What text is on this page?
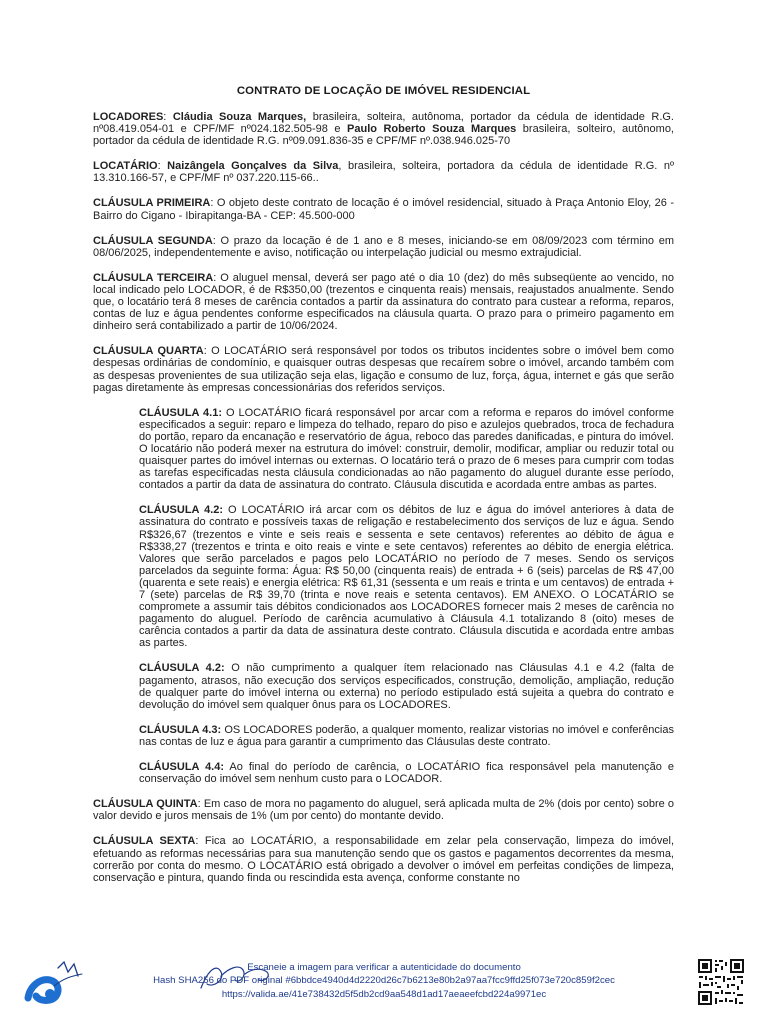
CONTRATO DE LOCAÇÃO DE IMÓVEL RESIDENCIAL

LOCADORES: Cláudia Souza Marques, brasileira, solteira, autônoma, portador da cédula de identidade R.G. nº08.419.054-01 e CPF/MF nº024.182.505-98 e Paulo Roberto Souza Marques brasileira, solteiro, autônomo, portador da cédula de identidade R.G. nº09.091.836-35 e CPF/MF nº.038.946.025-70

LOCATÁRIO: Naizângela Gonçalves da Silva, brasileira, solteira, portadora da cédula de identidade R.G. nº 13.310.166-57, e CPF/MF nº 037.220.115-66..

CLÁUSULA PRIMEIRA: O objeto deste contrato de locação é o imóvel residencial, situado à Praça Antonio Eloy, 26 - Bairro do Cigano - Ibirapitanga-BA - CEP: 45.500-000

CLÁUSULA SEGUNDA: O prazo da locação é de 1 ano e 8 meses, iniciando-se em 08/09/2023 com término em 08/06/2025, independentemente e aviso, notificação ou interpelação judicial ou mesmo extrajudicial.

CLÁUSULA TERCEIRA: O aluguel mensal, deverá ser pago até o dia 10 (dez) do mês subseqüente ao vencido, no local indicado pelo LOCADOR, é de R$350,00 (trezentos e cinquenta reais) mensais, reajustados anualmente. Sendo que, o locatário terá 8 meses de carência contados a partir da assinatura do contrato para custear a reforma, reparos, contas de luz e água pendentes conforme especificados na cláusula quarta. O prazo para o primeiro pagamento em dinheiro será contabilizado a partir de 10/06/2024.

CLÁUSULA QUARTA: O LOCATÁRIO será responsável por todos os tributos incidentes sobre o imóvel bem como despesas ordinárias de condomínio, e quaisquer outras despesas que recaírem sobre o imóvel, arcando também com as despesas provenientes de sua utilização seja elas, ligação e consumo de luz, força, água, internet e gás que serão pagas diretamente às empresas concessionárias dos referidos serviços.

CLÁUSULA 4.1: O LOCATÁRIO ficará responsável por arcar com a reforma e reparos do imóvel conforme especificados a seguir: reparo e limpeza do telhado, reparo do piso e azulejos quebrados, troca de fechadura do portão, reparo da encanação e reservatório de água, reboco das paredes danificadas, e pintura do imóvel. O locatário não poderá mexer na estrutura do imóvel: construir, demolir, modificar, ampliar ou reduzir total ou quaisquer partes do imóvel internas ou externas. O locatário terá o prazo de 6 meses para cumprir com todas as tarefas especificadas nesta cláusula condicionadas ao não pagamento do aluguel durante esse período, contados a partir da data de assinatura do contrato. Cláusula discutida e acordada entre ambas as partes.

CLÁUSULA 4.2: O LOCATÁRIO irá arcar com os débitos de luz e água do imóvel anteriores à data de assinatura do contrato e possíveis taxas de religação e restabelecimento dos serviços de luz e água. Sendo R$326,67 (trezentos e vinte e seis reais e sessenta e sete centavos) referentes ao débito de água e R$338,27 (trezentos e trinta e oito reais e vinte e sete centavos) referentes ao débito de energia elétrica. Valores que serão parcelados e pagos pelo LOCATÁRIO no período de 7 meses. Sendo os serviços parcelados da seguinte forma: Água: R$ 50,00 (cinquenta reais) de entrada + 6 (seis) parcelas de R$ 47,00 (quarenta e sete reais) e energia elétrica: R$ 61,31 (sessenta e um reais e trinta e um centavos) de entrada + 7 (sete) parcelas de R$ 39,70 (trinta e nove reais e setenta centavos). EM ANEXO. O LOCATÁRIO se compromete a assumir tais débitos condicionados aos LOCADORES fornecer mais 2 meses de carência no pagamento do aluguel. Período de carência acumulativo à Cláusula 4.1 totalizando 8 (oito) meses de carência contados a partir da data de assinatura deste contrato. Cláusula discutida e acordada entre ambas as partes.

CLÁUSULA 4.2: O não cumprimento a qualquer ítem relacionado nas Cláusulas 4.1 e 4.2 (falta de pagamento, atrasos, não execução dos serviços especificados, construção, demolição, ampliação, redução de qualquer parte do imóvel interna ou externa) no período estipulado está sujeita a quebra do contrato e devolução do imóvel sem qualquer ônus para os LOCADORES.

CLÁUSULA 4.3: OS LOCADORES poderão, a qualquer momento, realizar vistorias no imóvel e conferências nas contas de luz e água para garantir a cumprimento das Cláusulas deste contrato.

CLÁUSULA 4.4: Ao final do período de carência, o LOCATÁRIO fica responsável pela manutenção e conservação do imóvel sem nenhum custo para o LOCADOR.

CLÁUSULA QUINTA: Em caso de mora no pagamento do aluguel, será aplicada multa de 2% (dois por cento) sobre o valor devido e juros mensais de 1% (um por cento) do montante devido.

CLÁUSULA SEXTA: Fica ao LOCATÁRIO, a responsabilidade em zelar pela conservação, limpeza do imóvel, efetuando as reformas necessárias para sua manutenção sendo que os gastos e pagamentos decorrentes da mesma, correrão por conta do mesmo. O LOCATÁRIO está obrigado a devolver o imóvel em perfeitas condições de limpeza, conservação e pintura, quando finda ou rescindida esta avença, conforme constante no

Escaneie a imagem para verificar a autenticidade do documento
Hash SHA256 do PDF original #6bbdce4940d4d2220d26c7b6213e80b2a97aa7fcc9ffd25f073e720c859f2cec
https://valida.ae/41e738432d5f5db2cd9aa548d1ad17aeaeefcbd224a9971ec
